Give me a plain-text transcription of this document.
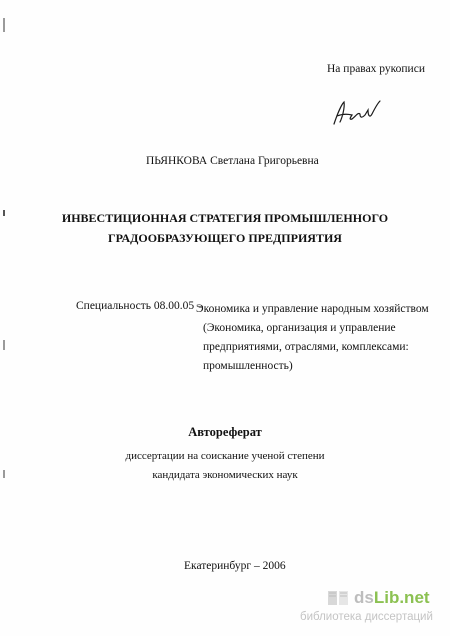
На правах рукописи
ПЬЯНКОВА Светлана Григорьевна
ИНВЕСТИЦИОННАЯ СТРАТЕГИЯ ПРОМЫШЛЕННОГО
ГРАДООБРАЗУЮЩЕГО ПРЕДПРИЯТИЯ
Специальность 08.00.05 –
Экономика и управление народным хозяйством
(Экономика, организация и управление
предприятиями, отраслями, комплексами:
промышленность)
Автореферат
диссертации на соискание ученой степени
кандидата экономических наук
Екатеринбург – 2006
dsLib.net
библиотека диссертаций
